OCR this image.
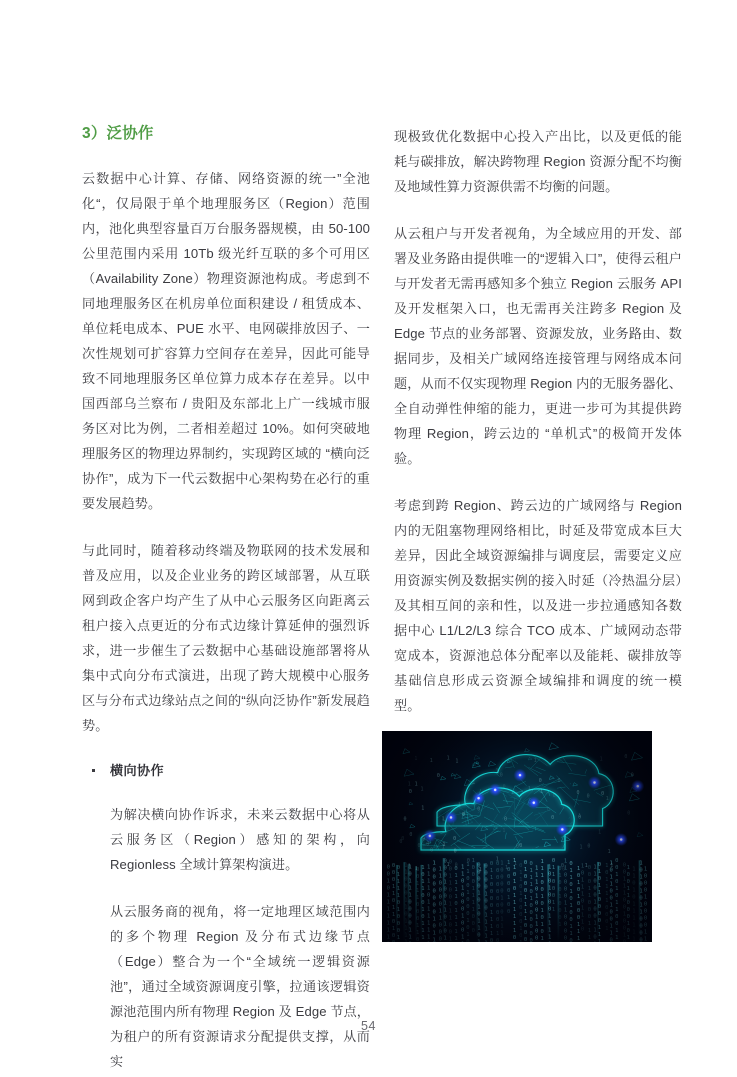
3）泛协作

云数据中心计算、存储、网络资源的统一”全池化“，仅局限于单个地理服务区（Region）范围内，池化典型容量百万台服务器规模，由 50-100 公里范围内采用 10Tb 级光纤互联的多个可用区（Availability Zone）物理资源池构成。考虑到不同地理服务区在机房单位面积建设 / 租赁成本、单位耗电成本、PUE 水平、电网碳排放因子、一次性规划可扩容算力空间存在差异，因此可能导致不同地理服务区单位算力成本存在差异。以中国西部乌兰察布 / 贵阳及东部北上广一线城市服务区对比为例，二者相差超过 10%。如何突破地理服务区的物理边界制约，实现跨区域的 “横向泛协作”，成为下一代云数据中心架构势在必行的重要发展趋势。

与此同时，随着移动终端及物联网的技术发展和普及应用，以及企业业务的跨区域部署，从互联网到政企客户均产生了从中心云服务区向距离云租户接入点更近的分布式边缘计算延伸的强烈诉求，进一步催生了云数据中心基础设施部署将从集中式向分布式演进，出现了跨大规模中心服务区与分布式边缘站点之间的“纵向泛协作”新发展趋势。

横向协作

为解决横向协作诉求，未来云数据中心将从云服务区（Region）感知的架构，向 Regionless 全域计算架构演进。

从云服务商的视角，将一定地理区域范围内的多个物理 Region 及分布式边缘节点（Edge）整合为一个“全域统一逻辑资源池”，通过全域资源调度引擎，拉通该逻辑资源池范围内所有物理 Region 及 Edge 节点，为租户的所有资源请求分配提供支撑，从而实

现极致优化数据中心投入产出比，以及更低的能耗与碳排放，解决跨物理 Region 资源分配不均衡及地域性算力资源供需不均衡的问题。

从云租户与开发者视角，为全域应用的开发、部署及业务路由提供唯一的“逻辑入口”，使得云租户与开发者无需再感知多个独立 Region 云服务 API 及开发框架入口，也无需再关注跨多 Region 及 Edge 节点的业务部署、资源发放，业务路由、数据同步，及相关广域网络连接管理与网络成本问题，从而不仅实现物理 Region 内的无服务器化、全自动弹性伸缩的能力，更进一步可为其提供跨物理 Region，跨云边的 “单机式”的极简开发体验。

考虑到跨 Region、跨云边的广域网络与 Region 内的无阻塞物理网络相比，时延及带宽成本巨大差异，因此全域资源编排与调度层，需要定义应用资源实例及数据实例的接入时延（冷热温分层）及其相互间的亲和性，以及进一步拉通感知各数据中心 L1/L2/L3 综合 TCO 成本、广域网动态带宽成本，资源池总体分配率以及能耗、碳排放等基础信息形成云资源全域编排和调度的统一模型。

54
